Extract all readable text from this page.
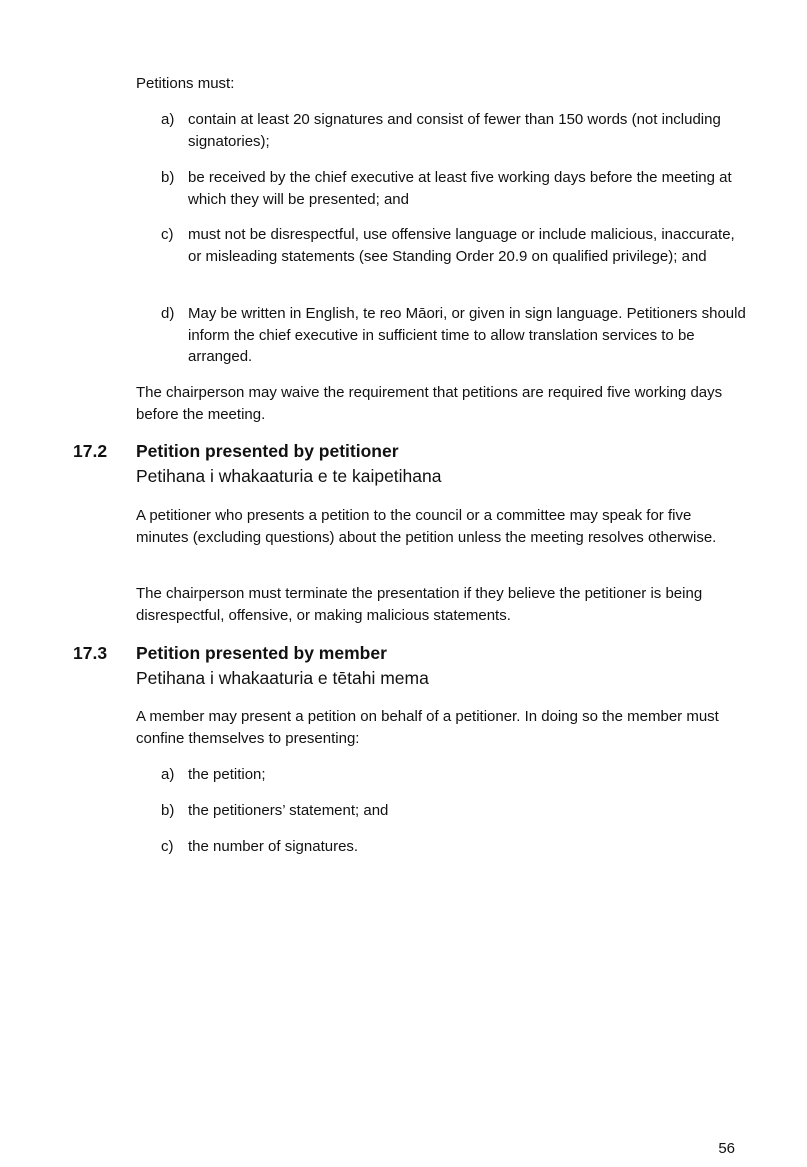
Petitions must:

a) contain at least 20 signatures and consist of fewer than 150 words (not including signatories);
b) be received by the chief executive at least five working days before the meeting at which they will be presented; and
c) must not be disrespectful, use offensive language or include malicious, inaccurate, or misleading statements (see Standing Order 20.9 on qualified privilege); and
d) May be written in English, te reo Māori, or given in sign language. Petitioners should inform the chief executive in sufficient time to allow translation services to be arranged.

The chairperson may waive the requirement that petitions are required five working days before the meeting.

17.2 Petition presented by petitioner
Petihana i whakaaturia e te kaipetihana

A petitioner who presents a petition to the council or a committee may speak for five minutes (excluding questions) about the petition unless the meeting resolves otherwise.

The chairperson must terminate the presentation if they believe the petitioner is being disrespectful, offensive, or making malicious statements.

17.3 Petition presented by member
Petihana i whakaaturia e tētahi mema

A member may present a petition on behalf of a petitioner. In doing so the member must confine themselves to presenting:

a) the petition;
b) the petitioners’ statement; and
c) the number of signatures.
56
